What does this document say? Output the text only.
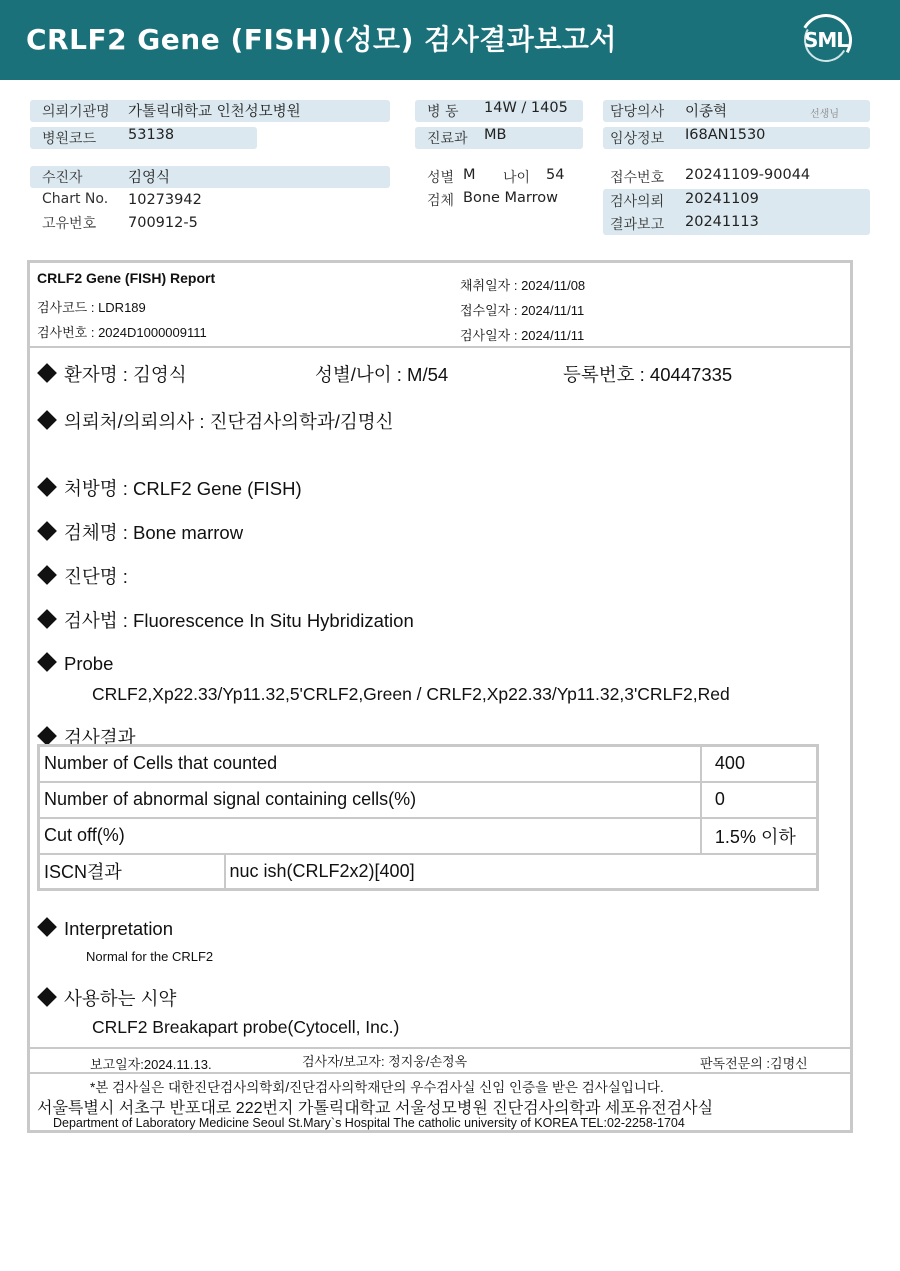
CRLF2 Gene (FISH)(성모) 검사결과보고서	SML
의뢰기관명 가톨릭대학교 인천성모병원
병원코드 53138
병 동 14W / 1405
진료과 MB
담당의사 이종혁	선생님
임상정보 I68AN1530
수진자	김영식
Chart No. 10273942
고유번호 700912-5
성별 M 나이 54
검체 Bone Marrow
접수번호 20241109-90044
검사의뢰 20241109
결과보고 20241113
CRLF2 Gene (FISH) Report
검사코드 : LDR189
검사번호 : 2024D1000009111
채취일자 : 2024/11/08
접수일자 : 2024/11/11
검사일자 : 2024/11/11
환자명 : 김영식	성별/나이 : M/54	등록번호 : 40447335
의뢰처/의뢰의사 : 진단검사의학과/김명신
처방명 : CRLF2 Gene (FISH)
검체명 : Bone marrow
진단명 :
검사법 : Fluorescence In Situ Hybridization
Probe
CRLF2,Xp22.33/Yp11.32,5'CRLF2,Green / CRLF2,Xp22.33/Yp11.32,3'CRLF2,Red
검사결과
Number of Cells that counted		400
Number of abnormal signal containing cells(%)		0
Cut off(%)		1.5% 이하
ISCN결과	nuc ish(CRLF2x2)[400]	
Interpretation
Normal for the CRLF2
사용하는 시약
CRLF2 Breakapart probe(Cytocell, Inc.)
보고일자:2024.11.13.	검사자/보고자: 정지웅/손정옥	판독전문의 :김명신
*본 검사실은 대한진단검사의학회/진단검사의학재단의 우수검사실 신임 인증을 받은 검사실입니다.
서울특별시 서초구 반포대로 222번지 가톨릭대학교 서울성모병원 진단검사의학과 세포유전검사실
Department of Laboratory Medicine Seoul St.Mary`s Hospital The catholic university of KOREA TEL:02-2258-1704
